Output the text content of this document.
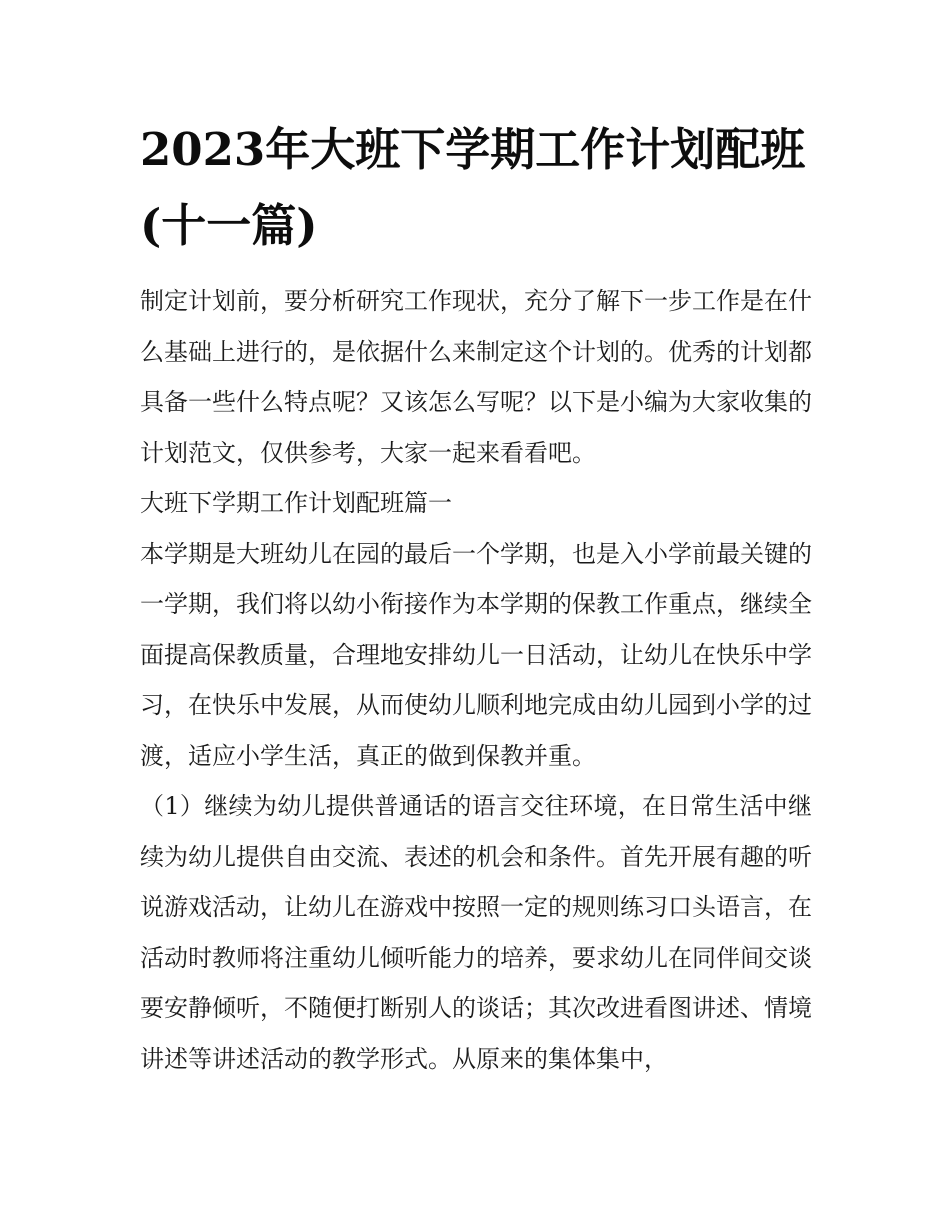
2023年大班下学期工作计划配班(十一篇)

制定计划前，要分析研究工作现状，充分了解下一步工作是在什么基础上进行的，是依据什么来制定这个计划的。优秀的计划都具备一些什么特点呢？又该怎么写呢？以下是小编为大家收集的计划范文，仅供参考，大家一起来看看吧。

大班下学期工作计划配班篇一

本学期是大班幼儿在园的最后一个学期，也是入小学前最关键的一学期，我们将以幼小衔接作为本学期的保教工作重点，继续全面提高保教质量，合理地安排幼儿一日活动，让幼儿在快乐中学习，在快乐中发展，从而使幼儿顺利地完成由幼儿园到小学的过渡，适应小学生活，真正的做到保教并重。

（1）继续为幼儿提供普通话的语言交往环境，在日常生活中继续为幼儿提供自由交流、表述的机会和条件。首先开展有趣的听说游戏活动，让幼儿在游戏中按照一定的规则练习口头语言，在活动时教师将注重幼儿倾听能力的培养，要求幼儿在同伴间交谈要安静倾听，不随便打断别人的谈话；其次改进看图讲述、情境讲述等讲述活动的教学形式。从原来的集体集中，
